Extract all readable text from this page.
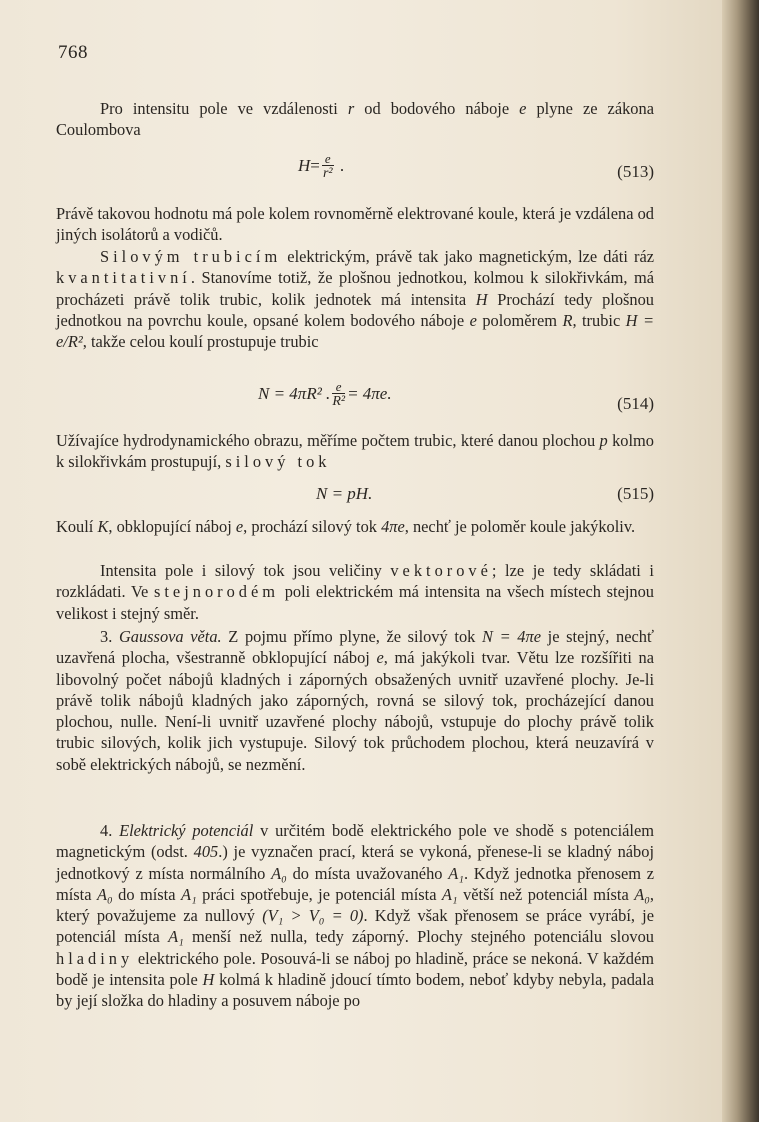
768
Pro intensitu pole ve vzdálenosti r od bodového náboje e plyne ze zákona Coulombova
$H= \frac{e}{\text{r²}}$ .	(513)
Právě takovou hodnotu má pole kolem rovnoměrně elektrované koule, která je vzdálena od jiných isolátorů a vodičů.
Silovým trubicím elektrickým, právě tak jako magnetickým, lze dáti ráz kvantitativní. Stanovíme totiž, že plošnou jednotkou, kolmou k silokřivkám, má procházeti právě tolik trubic, kolik jednotek má intensita H Prochází tedy plošnou jednotkou na povrchu koule, opsané kolem bodového náboje e poloměrem R, trubic H = e/R², takže celou koulí prostupuje trubic
N = 4πR² . $\frac{e}{\text{R²}} = 4\pi e$.
(514)
Užívajíce hydrodynamického obrazu, měříme počtem trubic, které danou plochou p kolmo k silokřivkám prostupují, silový tok
N = pH.	(515)
Koulí K, obklopující náboj e, prochází silový tok 4πe, nechť je poloměr koule jakýkoliv.
Intensita pole i silový tok jsou veličiny vektorové; lze je tedy skládati i rozkládati. Ve stejnorodém poli elektrickém má intensita na všech místech stejnou velikost i stejný směr.
3. Gaussova věta. Z pojmu přímo plyne, že silový tok N = 4πe je stejný, nechť uzavřená plocha, všestranně obklopující náboj e, má jakýkoli tvar. Větu lze rozšířiti na libovolný počet nábojů kladných i záporných obsažených uvnitř uzavřené plochy. Je-li právě tolik nábojů kladných jako záporných, rovná se silový tok, procházející danou plochou, nulle. Není-li uvnitř uzavřené plochy nábojů, vstupuje do plochy právě tolik trubic silových, kolik jich vystupuje. Silový tok průchodem plochou, která neuzavírá v sobě elektrických nábojů, se nezmění.
4. Elektrický potenciál v určitém bodě elektrického pole ve shodě s potenciálem magnetickým (odst. 405.) je vyznačen prací, která se vykoná, přenese-li se kladný náboj jednotkový z místa normálního A₀ do místa uvažovaného A₁. Když jednotka přenosem z místa A₀ do místa A₁ práci spotřebuje, je potenciál místa A₁ větší než potenciál místa A₀, který považujeme za nullový (V₁ > V₀ = 0). Když však přenosem se práce vyrábí, je potenciál místa A₁ menší než nulla, tedy záporný. Plochy stejného potenciálu slovou hladiny elektrického pole. Posouvá-li se náboj po hladině, práce se nekoná. V každém bodě je intensita pole H kolmá k hladině jdoucí tímto bodem, neboť kdyby nebyla, padala by její složka do hladiny a posuvem náboje po
